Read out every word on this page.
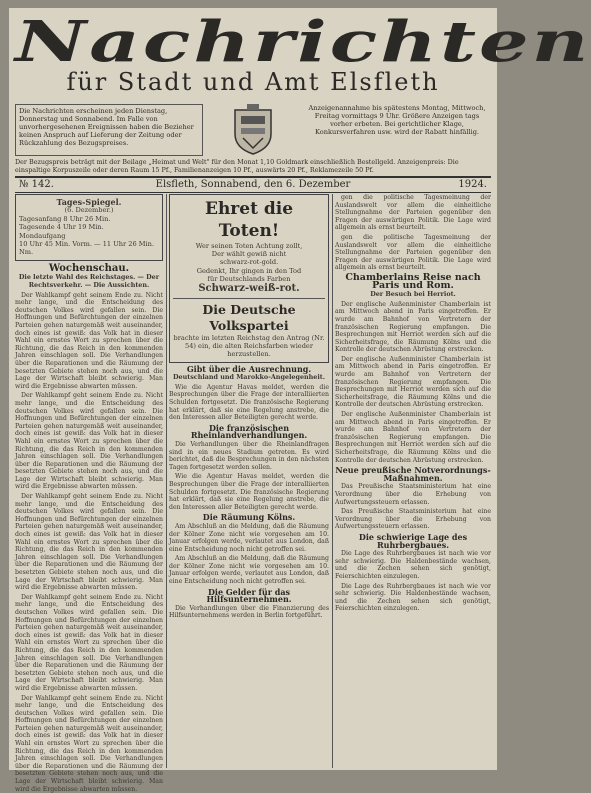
Nachrichten
für Stadt und Amt Elsfleth
Die Nachrichten erscheinen jeden Dienstag, Donnerstag und Sonnabend. Im Falle von unvorhergesehenen Ereignissen haben die Bezieher keinen Anspruch auf Lieferung der Zeitung oder Rückzahlung des Bezugspreises.
Anzeigenannahme bis spätestens Montag, Mittwoch, Freitag vormittags 9 Uhr. Größere Anzeigen tags vorher erbeten. Bei gerichtlicher Klage, Konkursverfahren usw. wird der Rabatt hinfällig.
Der Bezugspreis beträgt mit der Beilage „Heimat und Welt" für den Monat 1,10 Goldmark einschließlich Bestellgeld. Anzeigenpreis: Die einspaltige Korpuszeile oder deren Raum 15 Pf., Familienanzeigen 10 Pf., auswärts 20 Pf., Reklamezeile 50 Pf.
№ 142.	Elsfleth, Sonnabend, den 6. Dezember	1924.
Tages-Spiegel.
(6. Dezember.)
Tagesanfang 8 Uhr 26 Min.
Tagesende 4 Uhr 19 Min.
Mondaufgang
10 Uhr 45 Min. Vorm. — 11 Uhr 26 Min. Nm.
Wochenschau.
Die letzte Wahl des Reichstages. — Der Rechtsverkehr. — Die Aussichten.

Der Wahlkampf geht seinem Ende zu. Nicht mehr lange, und die Entscheidung des deutschen Volkes wird gefallen sein. Die Hoffnungen und Befürchtungen der einzelnen Parteien gehen naturgemäß weit auseinander, doch eines ist gewiß: das Volk hat in dieser Wahl ein ernstes Wort zu sprechen über die Richtung, die das Reich in den kommenden Jahren einschlagen soll. Die Verhandlungen über die Reparationen und die Räumung der besetzten Gebiete stehen noch aus, und die Lage der Wirtschaft bleibt schwierig. Man wird die Ergebnisse abwarten müssen.

Der Wahlkampf geht seinem Ende zu. Nicht mehr lange, und die Entscheidung des deutschen Volkes wird gefallen sein. Die Hoffnungen und Befürchtungen der einzelnen Parteien gehen naturgemäß weit auseinander, doch eines ist gewiß: das Volk hat in dieser Wahl ein ernstes Wort zu sprechen über die Richtung, die das Reich in den kommenden Jahren einschlagen soll. Die Verhandlungen über die Reparationen und die Räumung der besetzten Gebiete stehen noch aus, und die Lage der Wirtschaft bleibt schwierig. Man wird die Ergebnisse abwarten müssen.

Der Wahlkampf geht seinem Ende zu. Nicht mehr lange, und die Entscheidung des deutschen Volkes wird gefallen sein. Die Hoffnungen und Befürchtungen der einzelnen Parteien gehen naturgemäß weit auseinander, doch eines ist gewiß: das Volk hat in dieser Wahl ein ernstes Wort zu sprechen über die Richtung, die das Reich in den kommenden Jahren einschlagen soll. Die Verhandlungen über die Reparationen und die Räumung der besetzten Gebiete stehen noch aus, und die Lage der Wirtschaft bleibt schwierig. Man wird die Ergebnisse abwarten müssen.

Der Wahlkampf geht seinem Ende zu. Nicht mehr lange, und die Entscheidung des deutschen Volkes wird gefallen sein. Die Hoffnungen und Befürchtungen der einzelnen Parteien gehen naturgemäß weit auseinander, doch eines ist gewiß: das Volk hat in dieser Wahl ein ernstes Wort zu sprechen über die Richtung, die das Reich in den kommenden Jahren einschlagen soll. Die Verhandlungen über die Reparationen und die Räumung der besetzten Gebiete stehen noch aus, und die Lage der Wirtschaft bleibt schwierig. Man wird die Ergebnisse abwarten müssen.

Der Wahlkampf geht seinem Ende zu. Nicht mehr lange, und die Entscheidung des deutschen Volkes wird gefallen sein. Die Hoffnungen und Befürchtungen der einzelnen Parteien gehen naturgemäß weit auseinander, doch eines ist gewiß: das Volk hat in dieser Wahl ein ernstes Wort zu sprechen über die Richtung, die das Reich in den kommenden Jahren einschlagen soll. Die Verhandlungen über die Reparationen und die Räumung der besetzten Gebiete stehen noch aus, und die Lage der Wirtschaft bleibt schwierig. Man wird die Ergebnisse abwarten müssen.

Ehret die Toten!
Wer seinen Toten Achtung zollt,
Der wählt gewiß nicht
schwarz-rot-gold.
Gedenkt, Ihr gingen in den Tod
für Deutschlands Farben
Schwarz-weiß-rot.
Die Deutsche Volkspartei
brachte im letzten Reichstag den Antrag (Nr. 54) ein, die alten Reichsfarben wieder herzustellen.
Gibt über die Ausrechnung.
Deutschland und Marokko-Angelegenheit.

Wie die Agentur Havas meldet, werden die Besprechungen über die Frage der interalliierten Schulden fortgesetzt. Die französische Regierung hat erklärt, daß sie eine Regelung anstrebe, die den Interessen aller Beteiligten gerecht werde.

Die französischen Rheinlandverhandlungen.

Die Verhandlungen über die Rheinlandfragen sind in ein neues Stadium getreten. Es wird berichtet, daß die Besprechungen in den nächsten Tagen fortgesetzt werden sollen.

Wie die Agentur Havas meldet, werden die Besprechungen über die Frage der interalliierten Schulden fortgesetzt. Die französische Regierung hat erklärt, daß sie eine Regelung anstrebe, die den Interessen aller Beteiligten gerecht werde.

Die Räumung Kölns.

Am Abschluß an die Meldung, daß die Räumung der Kölner Zone nicht wie vorgesehen am 10. Januar erfolgen werde, verlautet aus London, daß eine Entscheidung noch nicht getroffen sei.

Am Abschluß an die Meldung, daß die Räumung der Kölner Zone nicht wie vorgesehen am 10. Januar erfolgen werde, verlautet aus London, daß eine Entscheidung noch nicht getroffen sei.

Die Gelder für das Hilfsunternehmen.

Die Verhandlungen über die Finanzierung des Hilfsunternehmens werden in Berlin fortgeführt.

gen die politische Tagesmeinung der Auslandswelt vor allem die einheitliche Stellungnahme der Parteien gegenüber den Fragen der auswärtigen Politik. Die Lage wird allgemein als ernst beurteilt.

gen die politische Tagesmeinung der Auslandswelt vor allem die einheitliche Stellungnahme der Parteien gegenüber den Fragen der auswärtigen Politik. Die Lage wird allgemein als ernst beurteilt.

Chamberlains Reise nach Paris und Rom.
Der Besuch bei Herriot.

Der englische Außenminister Chamberlain ist am Mittwoch abend in Paris eingetroffen. Er wurde am Bahnhof von Vertretern der französischen Regierung empfangen. Die Besprechungen mit Herriot werden sich auf die Sicherheitsfrage, die Räumung Kölns und die Kontrolle der deutschen Abrüstung erstrecken.

Der englische Außenminister Chamberlain ist am Mittwoch abend in Paris eingetroffen. Er wurde am Bahnhof von Vertretern der französischen Regierung empfangen. Die Besprechungen mit Herriot werden sich auf die Sicherheitsfrage, die Räumung Kölns und die Kontrolle der deutschen Abrüstung erstrecken.

Der englische Außenminister Chamberlain ist am Mittwoch abend in Paris eingetroffen. Er wurde am Bahnhof von Vertretern der französischen Regierung empfangen. Die Besprechungen mit Herriot werden sich auf die Sicherheitsfrage, die Räumung Kölns und die Kontrolle der deutschen Abrüstung erstrecken.

Neue preußische Notverordnungs-Maßnahmen.

Das Preußische Staatsministerium hat eine Verordnung über die Erhebung von Aufwertungssteuern erlassen.

Das Preußische Staatsministerium hat eine Verordnung über die Erhebung von Aufwertungssteuern erlassen.

Die schwierige Lage des Ruhrbergbaues.

Die Lage des Ruhrbergbaues ist nach wie vor sehr schwierig. Die Haldenbestände wachsen, und die Zechen sehen sich genötigt, Feierschichten einzulegen.

Die Lage des Ruhrbergbaues ist nach wie vor sehr schwierig. Die Haldenbestände wachsen, und die Zechen sehen sich genötigt, Feierschichten einzulegen.
